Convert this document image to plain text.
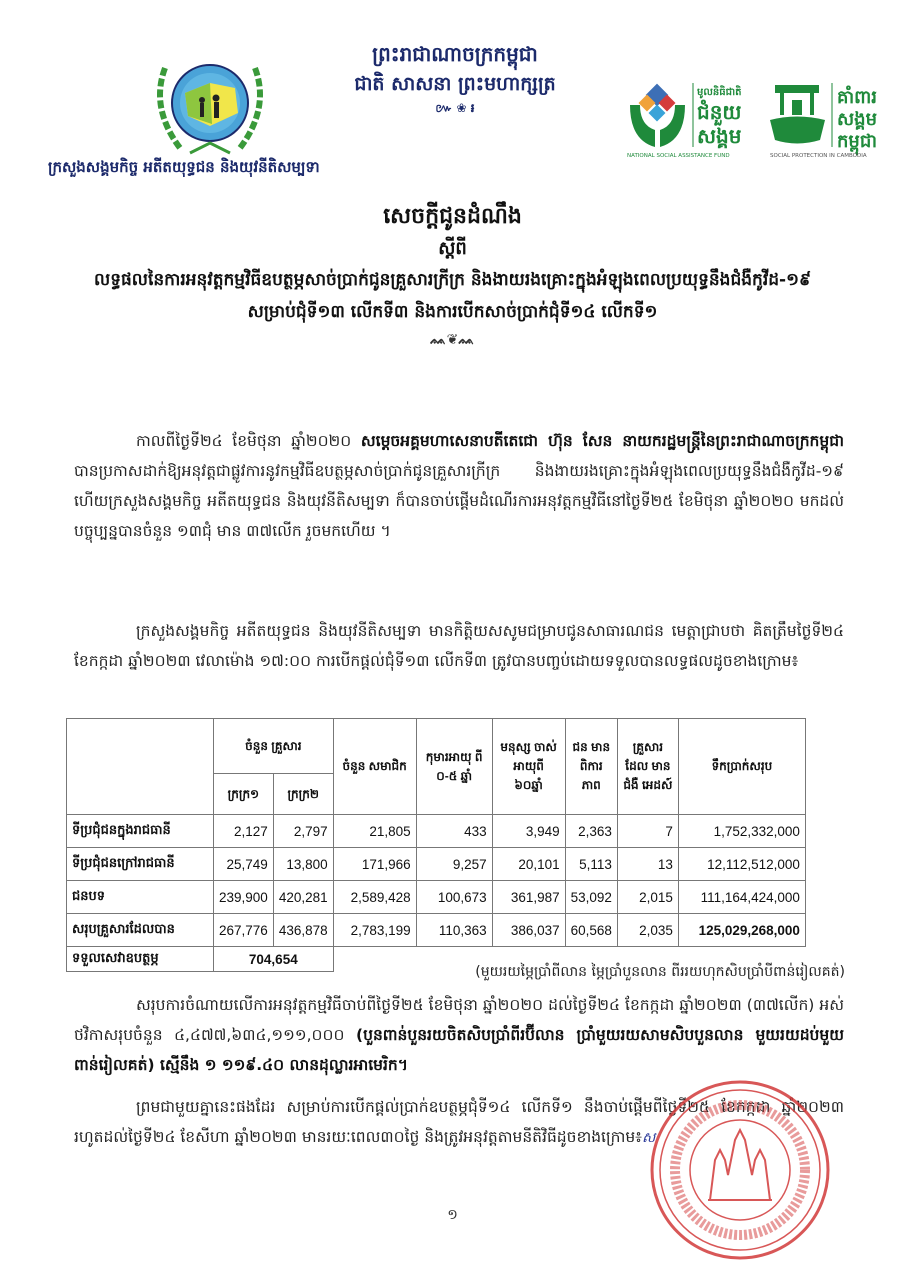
ក្រសួងសង្គមកិច្ច អតីតយុទ្ធជន និងយុវនីតិសម្បទា
ព្រះរាជាណាចក្រកម្ពុជា
ជាតិ សាសនា ព្រះមហាក្សត្រ
៚ ❀ ៛
មូលនិធិជាតិ
ជំនួយ
សង្គម
NATIONAL SOCIAL ASSISTANCE FUND
គាំពារ
សង្គម
កម្ពុជា
SOCIAL PROTECTION IN CAMBODIA
សេចក្តីជូនដំណឹង
ស្តីពី
លទ្ធផលនៃការអនុវត្តកម្មវិធីឧបត្ថម្ភសាច់ប្រាក់ជូនគ្រួសារក្រីក្រ និងងាយរងគ្រោះក្នុងអំឡុងពេលប្រយុទ្ធនឹងជំងឺកូវីដ-១៩ សម្រាប់ជុំទី១៣ លើកទី៣ និងការបើកសាច់ប្រាក់ជុំទី១៤ លើកទី១
ᨐ❦ᨐ
កាលពីថ្ងៃទី២៤ ខែមិថុនា ឆ្នាំ២០២០ សម្តេចអគ្គមហាសេនាបតីតេជោ ហ៊ុន សែន នាយករដ្ឋមន្ត្រីនៃព្រះរាជាណាចក្រកម្ពុជា បានប្រកាសដាក់ឱ្យអនុវត្តជាផ្លូវការនូវកម្មវិធីឧបត្ថម្ភសាច់ប្រាក់ជូនគ្រួសារក្រីក្រ និងងាយរងគ្រោះក្នុងអំឡុងពេលប្រយុទ្ធនឹងជំងឺកូវីដ-១៩ ហើយក្រសួងសង្គមកិច្ច អតីតយុទ្ធជន និងយុវនីតិសម្បទា ក៏បានចាប់ផ្តើមដំណើរការអនុវត្តកម្មវិធីនៅថ្ងៃទី២៥ ខែមិថុនា ឆ្នាំ២០២០ មកដល់បច្ចុប្បន្នបានចំនួន ១៣ជុំ មាន ៣៧លើក រួចមកហើយ ។
ក្រសួងសង្គមកិច្ច អតីតយុទ្ធជន និងយុវនីតិសម្បទា មានកិត្តិយសសូមជម្រាបជូនសាធារណជន មេត្តាជ្រាបថា គិតត្រឹមថ្ងៃទី២៤ ខែកក្កដា ឆ្នាំ២០២៣ វេលាម៉ោង ១៧:០០ ការបើកផ្តល់ជុំទី១៣ លើកទី៣ ត្រូវបានបញ្ចប់ដោយទទួលបានលទ្ធផលដូចខាងក្រោម៖
	ចំនួន គ្រួសារ		ចំនួន សមាជិក	កុមារអាយុ ពី ០-៥ ឆ្នាំ	មនុស្ស ចាស់ អាយុពី ៦០ឆ្នាំ	ជន មាន ពិការ ភាព	គ្រួសារ ដែល មានជំងឺ អេដស៍	ទឹកប្រាក់សរុប
	ក្រក្រ១	ក្រក្រ២						
ទីប្រជុំជនក្នុងរាជធានី	2,127	2,797	21,805	433	3,949	2,363	7	1,752,332,000
ទីប្រជុំជនក្រៅរាជធានី	25,749	13,800	171,966	9,257	20,101	5,113	13	12,112,512,000
ជនបទ	239,900	420,281	2,589,428	100,673	361,987	53,092	2,015	111,164,424,000
សរុបគ្រួសារដែលបាន	267,776	436,878	2,783,199	110,363	386,037	60,568	2,035	125,029,268,000
ទទួលសេវាឧបត្ថម្ភ	704,654							
(មួយរយម្ភៃប្រាំពីលាន ម្ភៃប្រាំបួនលាន ពីររយហុកសិបប្រាំបីពាន់រៀលគត់)
សរុបការចំណាយលើការអនុវត្តកម្មវិធីចាប់ពីថ្ងៃទី២៥ ខែមិថុនា ឆ្នាំ២០២០ ដល់ថ្ងៃទី២៤ ខែកក្កដា ឆ្នាំ២០២៣ (៣៧លើក) អស់ថវិកាសរុបចំនួន ៤,៤៧៧,៦៣៤,១១១,០០០ (បួនពាន់បួនរយចិតសិបប្រាំពីរប៊ីលាន ប្រាំមួយរយសាមសិបបួនលាន មួយរយដប់មួយពាន់រៀលគត់) ស្មើនឹង ១ ១១៩.៤០ លានដុល្លារអាមេរិក។
ព្រមជាមួយគ្នានេះផងដែរ សម្រាប់ការបើកផ្តល់ប្រាក់ឧបត្ថម្ភជុំទី១៤ លើកទី១ នឹងចាប់ផ្តើមពីថ្ងៃទី២៥ ខែកក្កដា ឆ្នាំ២០២៣ រហូតដល់ថ្ងៃទី២៤ ខែសីហា ឆ្នាំ២០២៣ មានរយៈពេល៣០ថ្ងៃ និងត្រូវអនុវត្តតាមនីតិវិធីដូចខាងក្រោម៖ស
១
